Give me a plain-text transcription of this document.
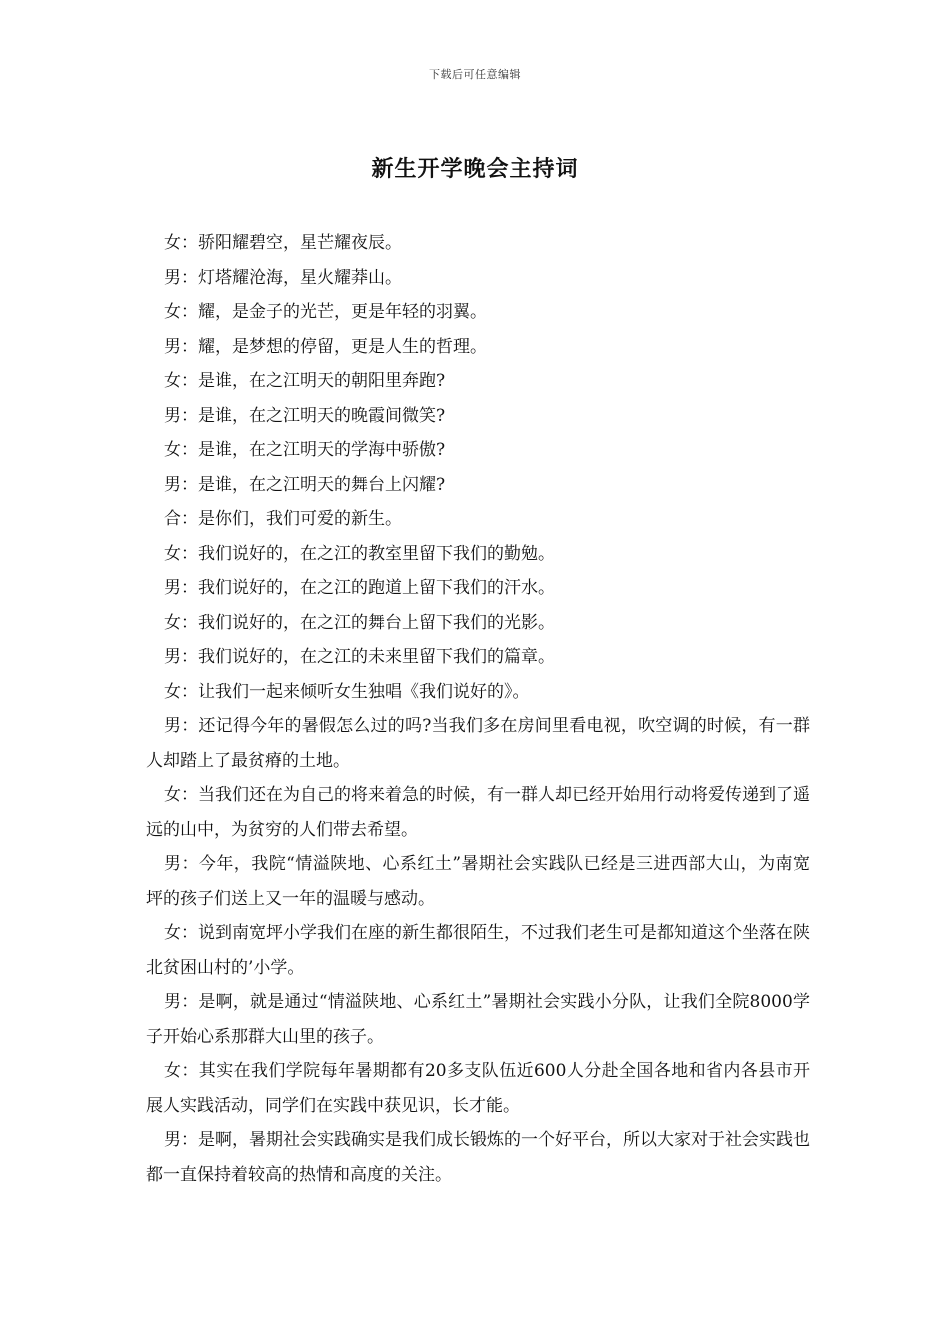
下载后可任意编辑
新生开学晚会主持词

女：骄阳耀碧空，星芒耀夜辰。

男：灯塔耀沧海，星火耀莽山。

女：耀，是金子的光芒，更是年轻的羽翼。

男：耀，是梦想的停留，更是人生的哲理。

女：是谁，在之江明天的朝阳里奔跑?

男：是谁，在之江明天的晚霞间微笑?

女：是谁，在之江明天的学海中骄傲?

男：是谁，在之江明天的舞台上闪耀?

合：是你们，我们可爱的新生。

女：我们说好的，在之江的教室里留下我们的勤勉。

男：我们说好的，在之江的跑道上留下我们的汗水。

女：我们说好的，在之江的舞台上留下我们的光影。

男：我们说好的，在之江的未来里留下我们的篇章。

女：让我们一起来倾听女生独唱《我们说好的》。

男：还记得今年的暑假怎么过的吗?当我们多在房间里看电视，吹空调的时候，有一群人却踏上了最贫瘠的土地。

女：当我们还在为自己的将来着急的时候，有一群人却已经开始用行动将爱传递到了遥远的山中，为贫穷的人们带去希望。

男：今年，我院“情溢陕地、心系红土”暑期社会实践队已经是三进西部大山，为南宽坪的孩子们送上又一年的温暖与感动。

女：说到南宽坪小学我们在座的新生都很陌生，不过我们老生可是都知道这个坐落在陕北贫困山村的’小学。

男：是啊，就是通过“情溢陕地、心系红土”暑期社会实践小分队，让我们全院8000学子开始心系那群大山里的孩子。

女：其实在我们学院每年暑期都有20多支队伍近600人分赴全国各地和省内各县市开展人实践活动，同学们在实践中获见识，长才能。

男：是啊，暑期社会实践确实是我们成长锻炼的一个好平台，所以大家对于社会实践也都一直保持着较高的热情和高度的关注。
